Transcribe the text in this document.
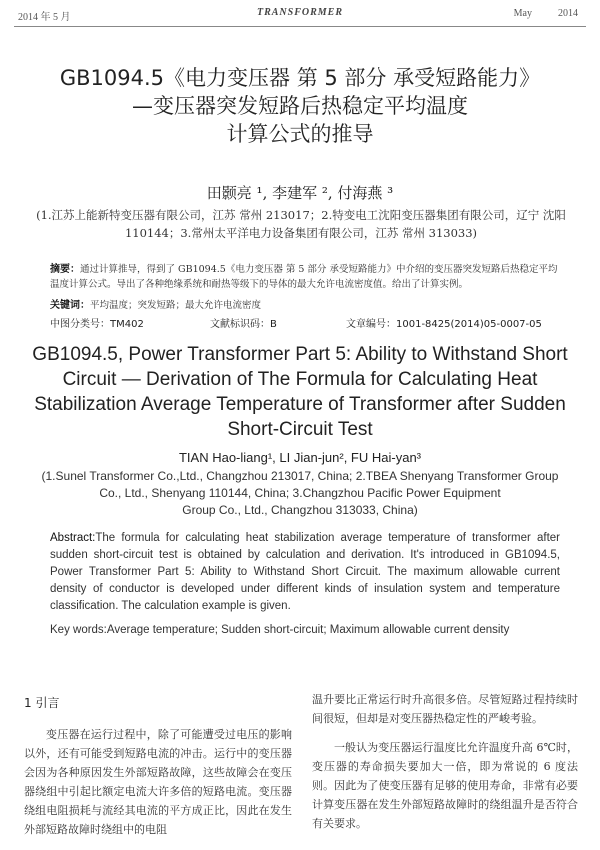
2014 年 5 月	TRANSFORMER	May	2014
GB1094.5《电力变压器 第 5 部分 承受短路能力》
—变压器突发短路后热稳定平均温度
计算公式的推导
田颢亮 ¹, 李建军 ², 付海燕 ³
(1.江苏上能新特变压器有限公司，江苏 常州 213017；2.特变电工沈阳变压器集团有限公司，辽宁 沈阳 110144；3.常州太平洋电力设备集团有限公司，江苏 常州 313033)
摘要：通过计算推导，得到了 GB1094.5《电力变压器 第 5 部分 承受短路能力》中介绍的变压器突发短路后热稳定平均温度计算公式。导出了各种绝缘系统和耐热等级下的导体的最大允许电流密度值。给出了计算实例。
关键词：平均温度；突发短路；最大允许电流密度
中图分类号：TM402	文献标识码：B	文章编号：1001-8425(2014)05-0007-05
GB1094.5, Power Transformer Part 5: Ability to Withstand Short
Circuit — Derivation of The Formula for Calculating Heat
Stabilization Average Temperature of Transformer after Sudden
Short-Circuit Test
TIAN Hao-liang¹, LI Jian-jun², FU Hai-yan³
(1.Sunel Transformer Co.,Ltd., Changzhou 213017, China; 2.TBEA Shenyang Transformer Group
Co., Ltd., Shenyang 110144, China; 3.Changzhou Pacific Power Equipment
Group Co., Ltd., Changzhou 313033, China)
Abstract:The formula for calculating heat stabilization average temperature of transformer after sudden short-circuit test is obtained by calculation and derivation. It's introduced in GB1094.5, Power Transformer Part 5: Ability to Withstand Short Circuit. The maximum allowable current density of conductor is developed under different kinds of insulation system and temperature classification. The calculation example is given.
Key words:Average temperature; Sudden short-circuit; Maximum allowable current density
1 引言

变压器在运行过程中，除了可能遭受过电压的影响以外，还有可能受到短路电流的冲击。运行中的变压器会因为各种原因发生外部短路故障，这些故障会在变压器绕组中引起比额定电流大许多倍的短路电流。变压器绕组电阻损耗与流经其电流的平方成正比，因此在发生外部短路故障时绕组中的电阻

温升要比正常运行时升高很多倍。尽管短路过程持续时间很短，但却是对变压器热稳定性的严峻考验。

一般认为变压器运行温度比允许温度升高 6℃时，变压器的寿命损失要加大一倍，即为常说的 6 度法则。因此为了使变压器有足够的使用寿命，非常有必要计算变压器在发生外部短路故障时的绕组温升是否符合有关要求。
